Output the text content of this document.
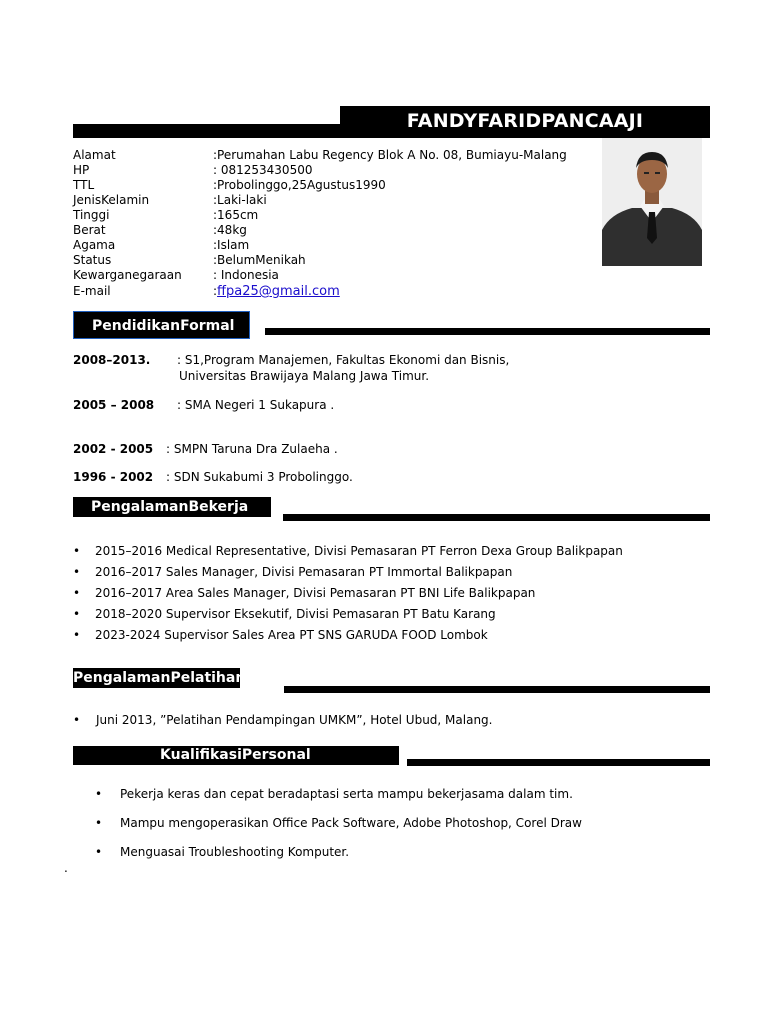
FANDYFARIDPANCAAJI
Alamat	:Perumahan Labu Regency Blok A No. 08, Bumiayu-Malang
HP	: 081253430500
TTL	:Probolinggo,25Agustus1990
JenisKelamin	:Laki-laki
Tinggi	:165cm
Berat	:48kg
Agama	:Islam
Status	:BelumMenikah
Kewarganegaraan	: Indonesia
E-mail	: ffpa25@gmail.com
PendidikanFormal
2008–2013. : S1,Program Manajemen, Fakultas Ekonomi dan Bisnis,
Universitas Brawijaya Malang Jawa Timur.
2005 – 2008 : SMA Negeri 1 Sukapura .
2002 - 2005 : SMPN Taruna Dra Zulaeha .
1996 - 2002 : SDN Sukabumi 3 Probolinggo.
PengalamanBekerja
•	2015–2016 Medical Representative, Divisi Pemasaran PT Ferron Dexa Group Balikpapan
•	2016–2017 Sales Manager, Divisi Pemasaran PT Immortal Balikpapan
•	2016–2017 Area Sales Manager, Divisi Pemasaran PT BNI Life Balikpapan
•	2018–2020 Supervisor Eksekutif, Divisi Pemasaran PT Batu Karang
•	2023-2024 Supervisor Sales Area PT SNS GARUDA FOOD Lombok
PengalamanPelatihan
•	Juni 2013, ”Pelatihan Pendampingan UMKM”, Hotel Ubud, Malang.
KualifikasiPersonal
•	Pekerja keras dan cepat beradaptasi serta mampu bekerjasama dalam tim.
•	Mampu mengoperasikan Office Pack Software, Adobe Photoshop, Corel Draw
•	Menguasai Troubleshooting Komputer.
.
